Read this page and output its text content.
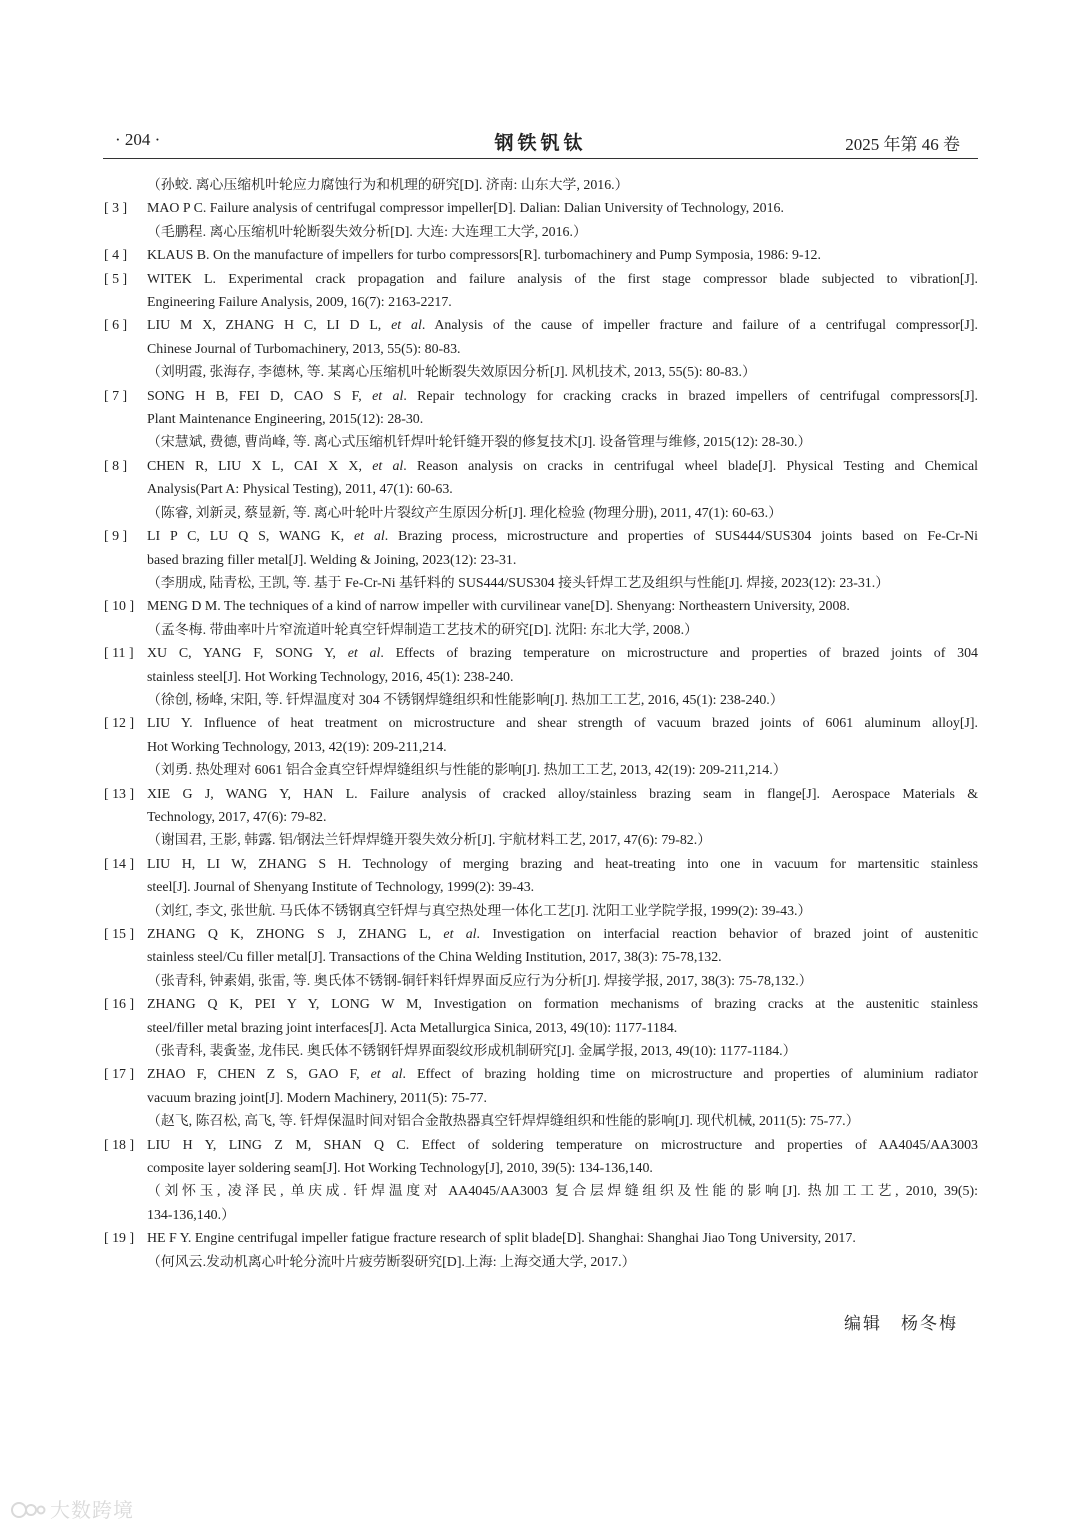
· 204 ·	钢铁钒钛	2025 年第 46 卷
（孙蛟. 离心压缩机叶轮应力腐蚀行为和机理的研究[D]. 济南: 山东大学, 2016.）
[ 3 ] MAO P C. Failure analysis of centrifugal compressor impeller[D]. Dalian: Dalian University of Technology, 2016.
（毛鹏程. 离心压缩机叶轮断裂失效分析[D]. 大连: 大连理工大学, 2016.）
[ 4 ] KLAUS B. On the manufacture of impellers for turbo compressors[R]. turbomachinery and Pump Symposia, 1986: 9-12.
[ 5 ] WITEK L. Experimental crack propagation and failure analysis of the first stage compressor blade subjected to vibration[J].
Engineering Failure Analysis, 2009, 16(7): 2163-2217.
[ 6 ] LIU M X, ZHANG H C, LI D L, et al. Analysis of the cause of impeller fracture and failure of a centrifugal compressor[J].
Chinese Journal of Turbomachinery, 2013, 55(5): 80-83.
（刘明霞, 张海存, 李德林, 等. 某离心压缩机叶轮断裂失效原因分析[J]. 风机技术, 2013, 55(5): 80-83.）
[ 7 ] SONG H B, FEI D, CAO S F, et al. Repair technology for cracking cracks in brazed impellers of centrifugal compressors[J].
Plant Maintenance Engineering, 2015(12): 28-30.
（宋慧斌, 费德, 曹尚峰, 等. 离心式压缩机钎焊叶轮钎缝开裂的修复技术[J]. 设备管理与维修, 2015(12): 28-30.）
[ 8 ] CHEN R, LIU X L, CAI X X, et al. Reason analysis on cracks in centrifugal wheel blade[J]. Physical Testing and Chemical
Analysis(Part A: Physical Testing), 2011, 47(1): 60-63.
（陈睿, 刘新灵, 蔡显新, 等. 离心叶轮叶片裂纹产生原因分析[J]. 理化检验 (物理分册), 2011, 47(1): 60-63.）
[ 9 ] LI P C, LU Q S, WANG K, et al. Brazing process, microstructure and properties of SUS444/SUS304 joints based on Fe-Cr-Ni
based brazing filler metal[J]. Welding & Joining, 2023(12): 23-31.
（李朋成, 陆青松, 王凯, 等. 基于 Fe-Cr-Ni 基钎料的 SUS444/SUS304 接头钎焊工艺及组织与性能[J]. 焊接, 2023(12): 23-31.）
[ 10 ] MENG D M. The techniques of a kind of narrow impeller with curvilinear vane[D]. Shenyang: Northeastern University, 2008.
（孟冬梅. 带曲率叶片窄流道叶轮真空钎焊制造工艺技术的研究[D]. 沈阳: 东北大学, 2008.）
[ 11 ] XU C, YANG F, SONG Y, et al. Effects of brazing temperature on microstructure and properties of brazed joints of 304
stainless steel[J]. Hot Working Technology, 2016, 45(1): 238-240.
（徐创, 杨峰, 宋阳, 等. 钎焊温度对 304 不锈钢焊缝组织和性能影响[J]. 热加工工艺, 2016, 45(1): 238-240.）
[ 12 ] LIU Y. Influence of heat treatment on microstructure and shear strength of vacuum brazed joints of 6061 aluminum alloy[J].
Hot Working Technology, 2013, 42(19): 209-211,214.
（刘勇. 热处理对 6061 铝合金真空钎焊焊缝组织与性能的影响[J]. 热加工工艺, 2013, 42(19): 209-211,214.）
[ 13 ] XIE G J, WANG Y, HAN L. Failure analysis of cracked alloy/stainless brazing seam in flange[J]. Aerospace Materials &
Technology, 2017, 47(6): 79-82.
（谢国君, 王影, 韩露. 铝/钢法兰钎焊焊缝开裂失效分析[J]. 宇航材料工艺, 2017, 47(6): 79-82.）
[ 14 ] LIU H, LI W, ZHANG S H. Technology of merging brazing and heat-treating into one in vacuum for martensitic stainless
steel[J]. Journal of Shenyang Institute of Technology, 1999(2): 39-43.
（刘红, 李文, 张世航. 马氏体不锈钢真空钎焊与真空热处理一体化工艺[J]. 沈阳工业学院学报, 1999(2): 39-43.）
[ 15 ] ZHANG Q K, ZHONG S J, ZHANG L, et al. Investigation on interfacial reaction behavior of brazed joint of austenitic
stainless steel/Cu filler metal[J]. Transactions of the China Welding Institution, 2017, 38(3): 75-78,132.
（张青科, 钟素娟, 张雷, 等. 奥氏体不锈钢-铜钎料钎焊界面反应行为分析[J]. 焊接学报, 2017, 38(3): 75-78,132.）
[ 16 ] ZHANG Q K, PEI Y Y, LONG W M, Investigation on formation mechanisms of brazing cracks at the austenitic stainless
steel/filler metal brazing joint interfaces[J]. Acta Metallurgica Sinica, 2013, 49(10): 1177-1184.
（张青科, 裴夤崟, 龙伟民. 奥氏体不锈钢钎焊界面裂纹形成机制研究[J]. 金属学报, 2013, 49(10): 1177-1184.）
[ 17 ] ZHAO F, CHEN Z S, GAO F, et al. Effect of brazing holding time on microstructure and properties of aluminium radiator
vacuum brazing joint[J]. Modern Machinery, 2011(5): 75-77.
（赵飞, 陈召松, 高飞, 等. 钎焊保温时间对铝合金散热器真空钎焊焊缝组织和性能的影响[J]. 现代机械, 2011(5): 75-77.）
[ 18 ] LIU H Y, LING Z M, SHAN Q C. Effect of soldering temperature on microstructure and properties of AA4045/AA3003
composite layer soldering seam[J]. Hot Working Technology[J], 2010, 39(5): 134-136,140.
（刘怀玉, 凌泽民, 单庆成. 钎焊温度对 AA4045/AA3003 复合层焊缝组织及性能的影响[J]. 热加工工艺, 2010, 39(5):
134-136,140.）
[ 19 ] HE F Y. Engine centrifugal impeller fatigue fracture research of split blade[D]. Shanghai: Shanghai Jiao Tong University, 2017.
（何风云.发动机离心叶轮分流叶片疲劳断裂研究[D].上海: 上海交通大学, 2017.）
编辑　杨冬梅
大数跨境
